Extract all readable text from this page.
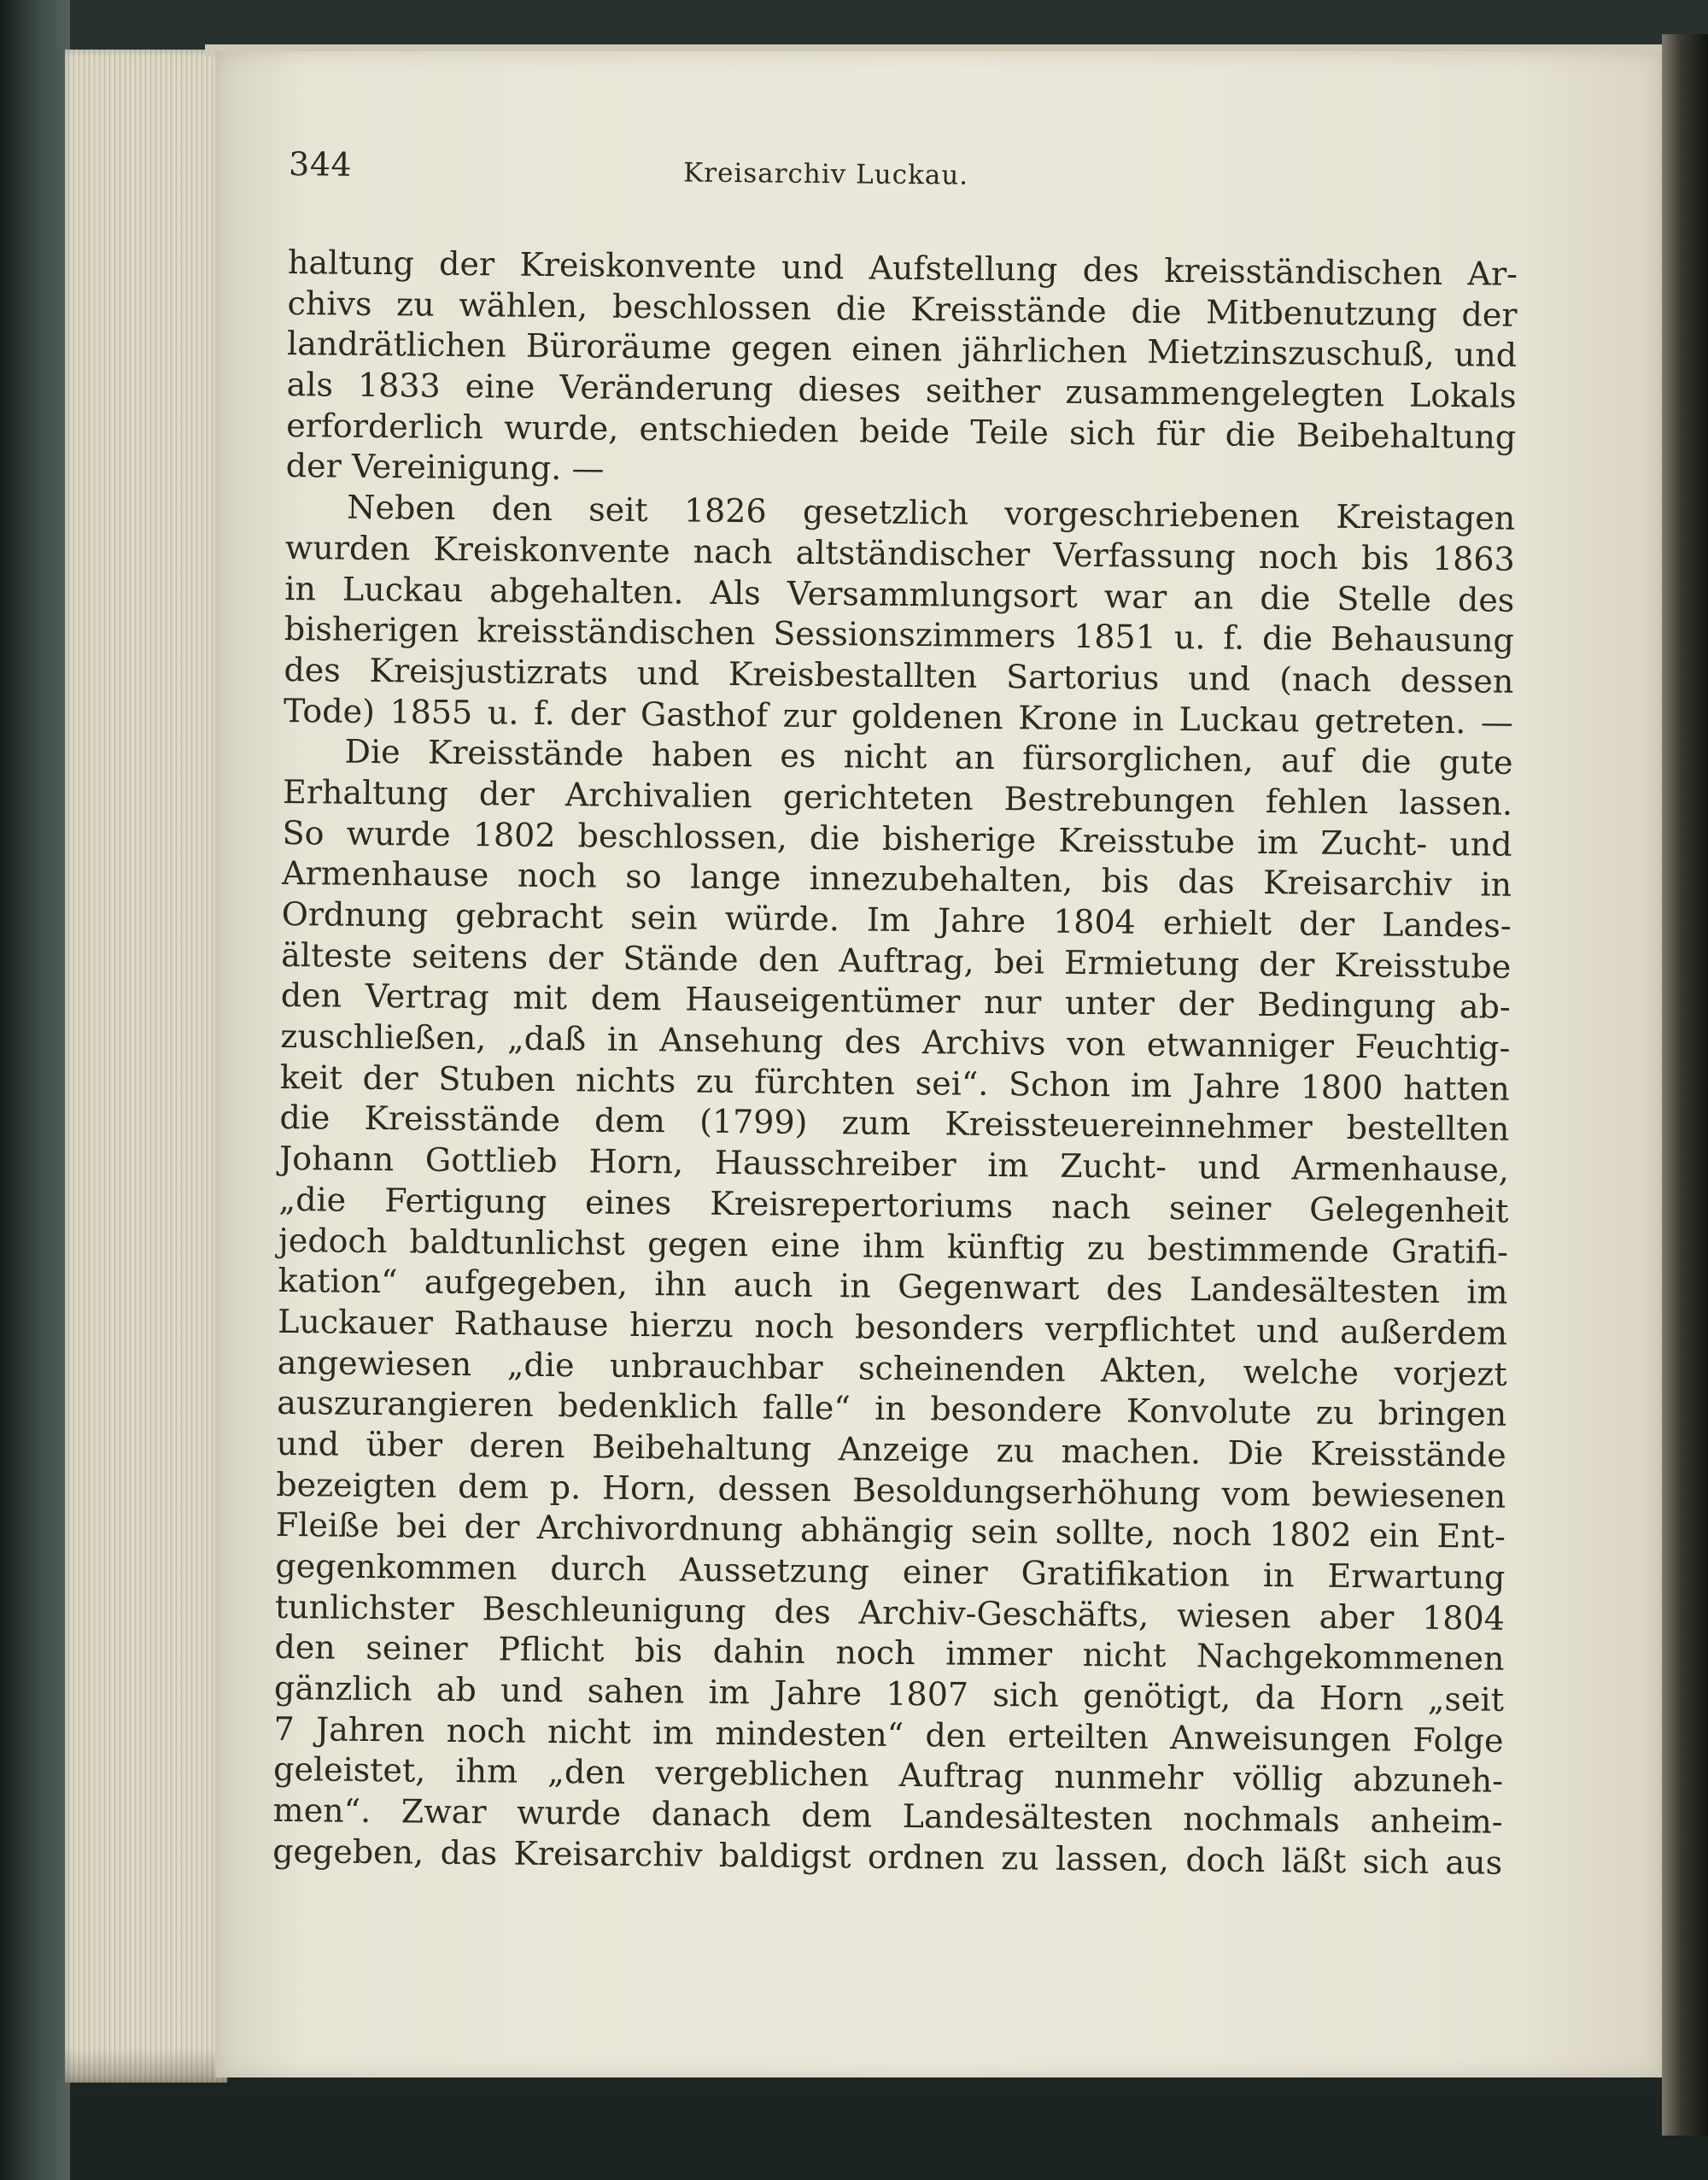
344	Kreisarchiv Luckau.
haltung der Kreiskonvente und Aufstellung des kreisständischen Ar-
chivs zu wählen, beschlossen die Kreisstände die Mitbenutzung der
landrätlichen Büroräume gegen einen jährlichen Mietzinszuschuß, und
als 1833 eine Veränderung dieses seither zusammengelegten Lokals
erforderlich wurde, entschieden beide Teile sich für die Beibehaltung
der Vereinigung. —
Neben den seit 1826 gesetzlich vorgeschriebenen Kreistagen
wurden Kreiskonvente nach altständischer Verfassung noch bis 1863
in Luckau abgehalten. Als Versammlungsort war an die Stelle des
bisherigen kreisständischen Sessionszimmers 1851 u. f. die Behausung
des Kreisjustizrats und Kreisbestallten Sartorius und (nach dessen
Tode) 1855 u. f. der Gasthof zur goldenen Krone in Luckau getreten. —
Die Kreisstände haben es nicht an fürsorglichen, auf die gute
Erhaltung der Archivalien gerichteten Bestrebungen fehlen lassen.
So wurde 1802 beschlossen, die bisherige Kreisstube im Zucht- und
Armenhause noch so lange innezubehalten, bis das Kreisarchiv in
Ordnung gebracht sein würde. Im Jahre 1804 erhielt der Landes-
älteste seitens der Stände den Auftrag, bei Ermietung der Kreisstube
den Vertrag mit dem Hauseigentümer nur unter der Bedingung ab-
zuschließen, „daß in Ansehung des Archivs von etwanniger Feuchtig-
keit der Stuben nichts zu fürchten sei“. Schon im Jahre 1800 hatten
die Kreisstände dem (1799) zum Kreissteuereinnehmer bestellten
Johann Gottlieb Horn, Hausschreiber im Zucht- und Armenhause,
„die Fertigung eines Kreisrepertoriums nach seiner Gelegenheit
jedoch baldtunlichst gegen eine ihm künftig zu bestimmende Gratifi-
kation“ aufgegeben, ihn auch in Gegenwart des Landesältesten im
Luckauer Rathause hierzu noch besonders verpflichtet und außerdem
angewiesen „die unbrauchbar scheinenden Akten, welche vorjezt
auszurangieren bedenklich falle“ in besondere Konvolute zu bringen
und über deren Beibehaltung Anzeige zu machen. Die Kreisstände
bezeigten dem p. Horn, dessen Besoldungserhöhung vom bewiesenen
Fleiße bei der Archivordnung abhängig sein sollte, noch 1802 ein Ent-
gegenkommen durch Aussetzung einer Gratifikation in Erwartung
tunlichster Beschleunigung des Archiv-Geschäfts, wiesen aber 1804
den seiner Pflicht bis dahin noch immer nicht Nachgekommenen
gänzlich ab und sahen im Jahre 1807 sich genötigt, da Horn „seit
7 Jahren noch nicht im mindesten“ den erteilten Anweisungen Folge
geleistet, ihm „den vergeblichen Auftrag nunmehr völlig abzuneh-
men“. Zwar wurde danach dem Landesältesten nochmals anheim-
gegeben, das Kreisarchiv baldigst ordnen zu lassen, doch läßt sich aus
